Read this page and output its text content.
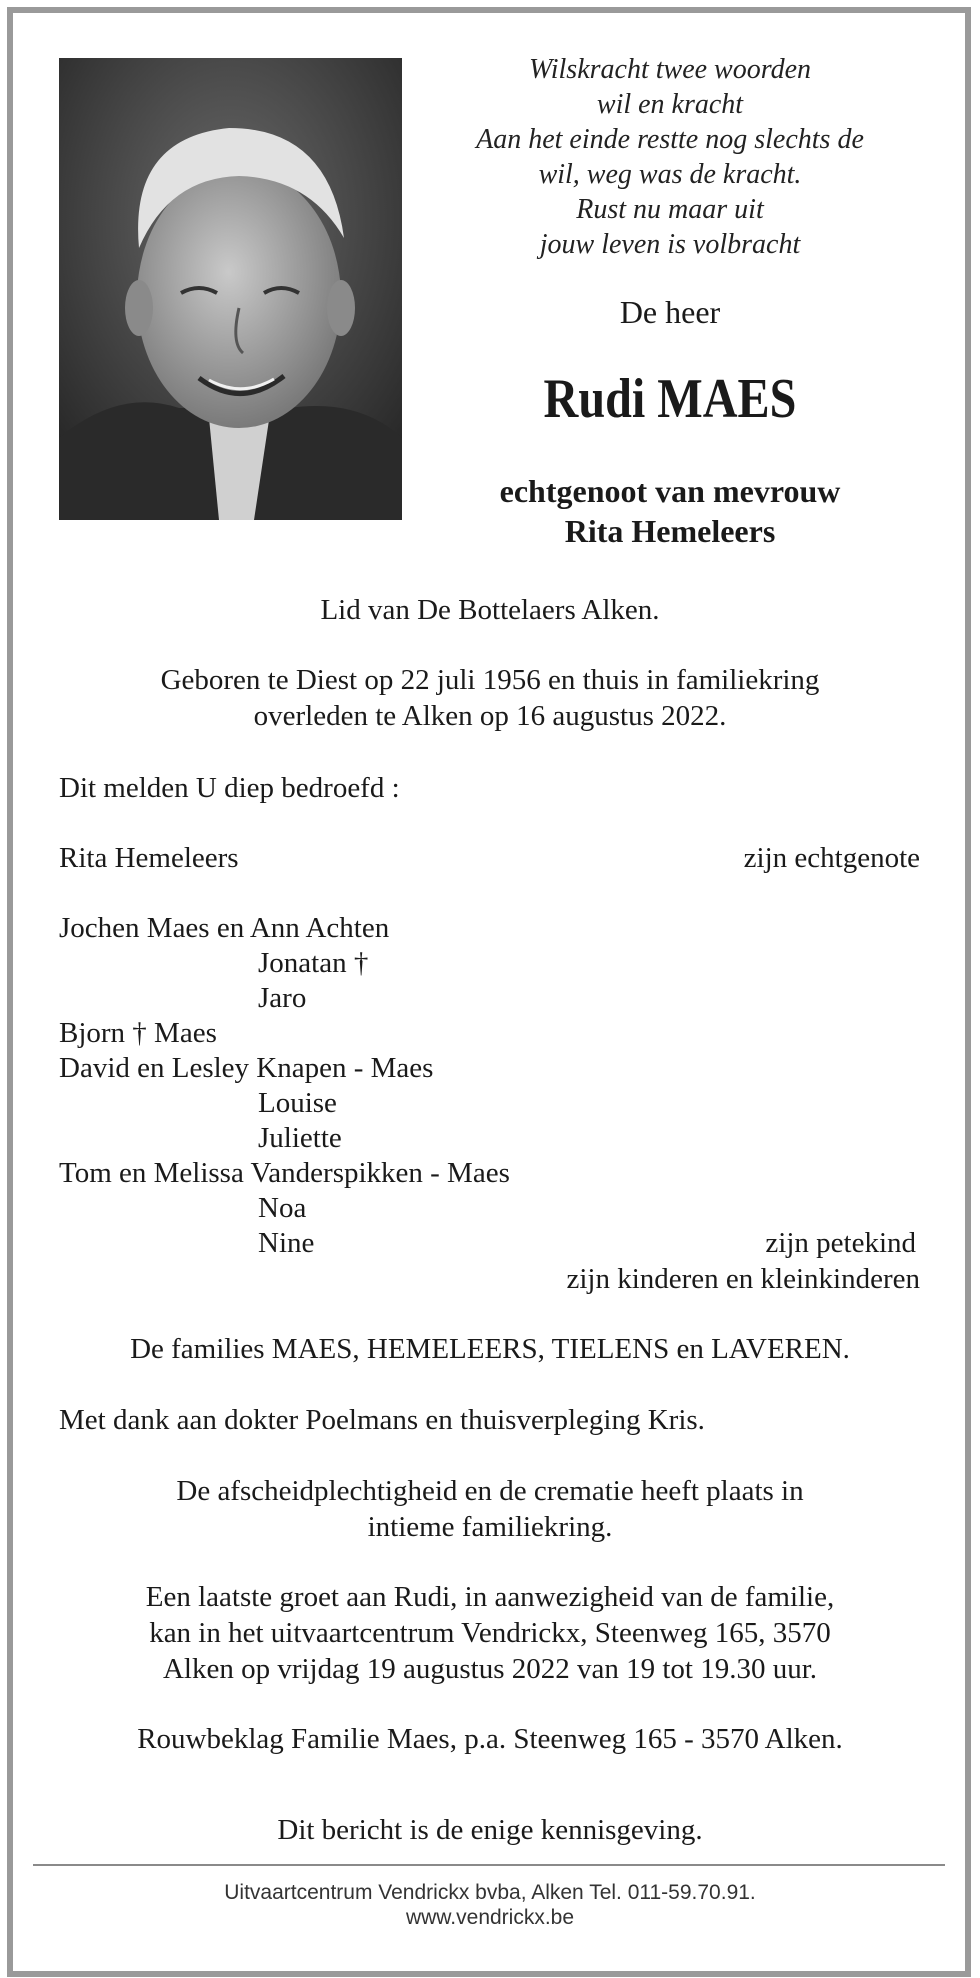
Wilskracht twee woorden
wil en kracht
Aan het einde restte nog slechts de
wil, weg was de kracht.
Rust nu maar uit
jouw leven is volbracht
De heer
Rudi MAES
echtgenoot van mevrouw
Rita Hemeleers
Lid van De Bottelaers Alken.
Geboren te Diest op 22 juli 1956 en thuis in familiekring
overleden te Alken op 16 augustus 2022.
Dit melden U diep bedroefd :
Rita Hemeleers	zijn echtgenote
Jochen Maes en Ann Achten
Jonatan †
Jaro
Bjorn † Maes
David en Lesley Knapen - Maes
Louise
Juliette
Tom en Melissa Vanderspikken - Maes
Noa
Nine	zijn petekind
zijn kinderen en kleinkinderen
De families MAES, HEMELEERS, TIELENS en LAVEREN.
Met dank aan dokter Poelmans en thuisverpleging Kris.
De afscheidplechtigheid en de crematie heeft plaats in
intieme familiekring.
Een laatste groet aan Rudi, in aanwezigheid van de familie,
kan in het uitvaartcentrum Vendrickx, Steenweg 165, 3570
Alken op vrijdag 19 augustus 2022 van 19 tot 19.30 uur.
Rouwbeklag Familie Maes, p.a. Steenweg 165 - 3570 Alken.
Dit bericht is de enige kennisgeving.
Uitvaartcentrum Vendrickx bvba, Alken Tel. 011-59.70.91.
www.vendrickx.be
